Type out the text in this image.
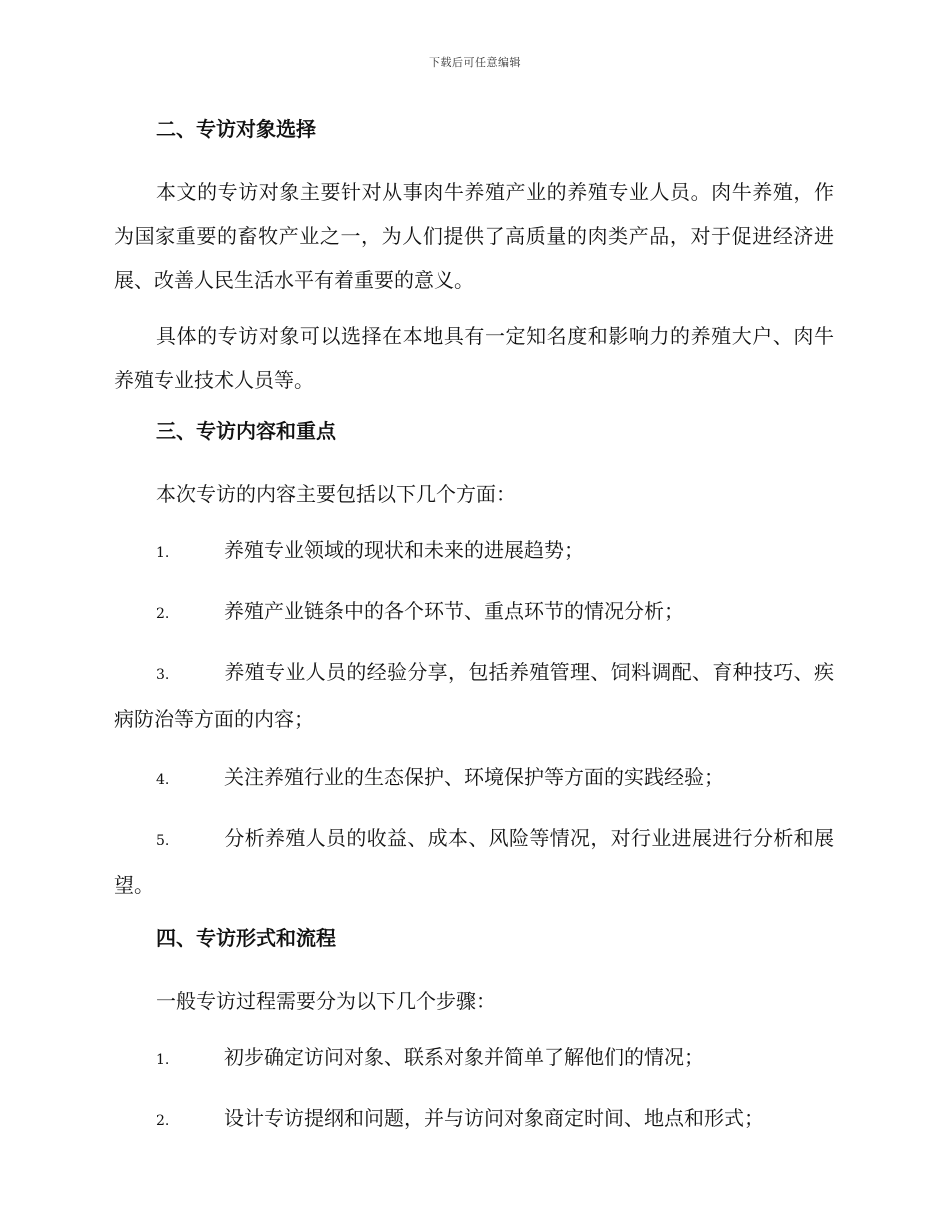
下载后可任意编辑
二、专访对象选择

本文的专访对象主要针对从事肉牛养殖产业的养殖专业人员。肉牛养殖，作为国家重要的畜牧产业之一，为人们提供了高质量的肉类产品，对于促进经济进展、改善人民生活水平有着重要的意义。

具体的专访对象可以选择在本地具有一定知名度和影响力的养殖大户、肉牛养殖专业技术人员等。

三、专访内容和重点

本次专访的内容主要包括以下几个方面：

1.	养殖专业领域的现状和未来的进展趋势；

2.	养殖产业链条中的各个环节、重点环节的情况分析；

3.	养殖专业人员的经验分享，包括养殖管理、饲料调配、育种技巧、疾病防治等方面的内容；

4.	关注养殖行业的生态保护、环境保护等方面的实践经验；

5.	分析养殖人员的收益、成本、风险等情况，对行业进展进行分析和展望。

四、专访形式和流程

一般专访过程需要分为以下几个步骤：

1.	初步确定访问对象、联系对象并简单了解他们的情况；

2.	设计专访提纲和问题，并与访问对象商定时间、地点和形式；
